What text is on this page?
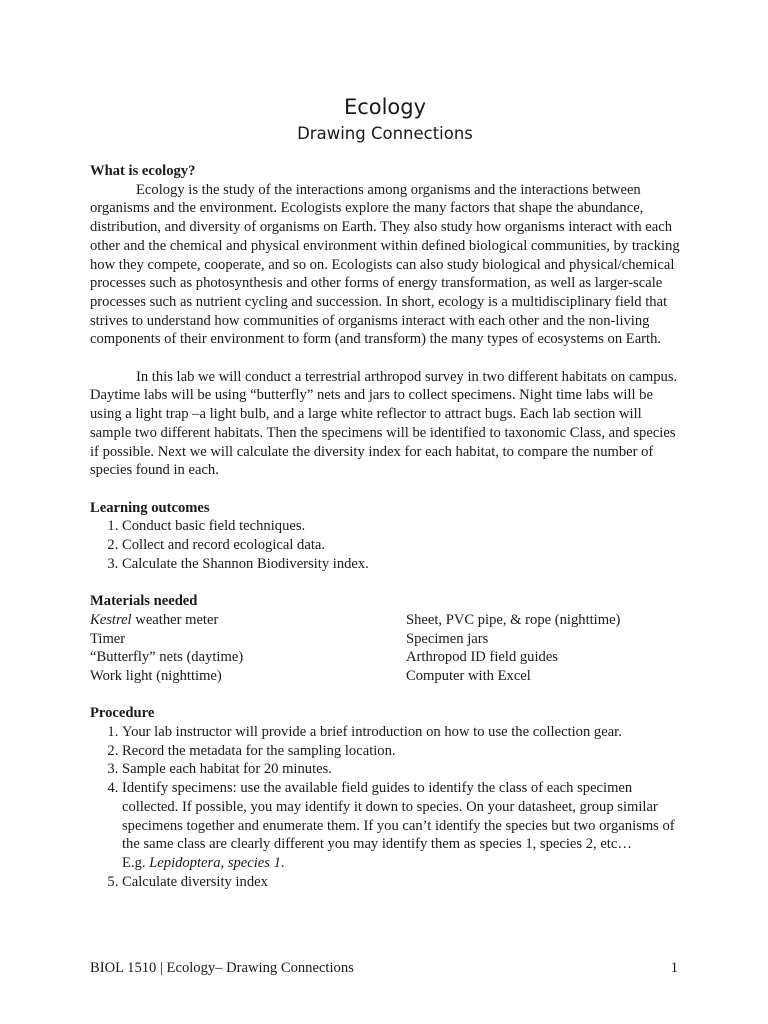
Ecology
Drawing Connections

What is ecology?

Ecology is the study of the interactions among organisms and the interactions between organisms and the environment. Ecologists explore the many factors that shape the abundance, distribution, and diversity of organisms on Earth. They also study how organisms interact with each other and the chemical and physical environment within defined biological communities, by tracking how they compete, cooperate, and so on. Ecologists can also study biological and physical/chemical processes such as photosynthesis and other forms of energy transformation, as well as larger-scale processes such as nutrient cycling and succession. In short, ecology is a multidisciplinary field that strives to understand how communities of organisms interact with each other and the non-living components of their environment to form (and transform) the many types of ecosystems on Earth.

In this lab we will conduct a terrestrial arthropod survey in two different habitats on campus. Daytime labs will be using “butterfly” nets and jars to collect specimens. Night time labs will be using a light trap –a light bulb, and a large white reflector to attract bugs. Each lab section will sample two different habitats. Then the specimens will be identified to taxonomic Class, and species if possible. Next we will calculate the diversity index for each habitat, to compare the number of species found in each.

Learning outcomes

1. Conduct basic field techniques.
2. Collect and record ecological data.
3. Calculate the Shannon Biodiversity index.

Materials needed

Kestrel weather meter
Timer
“Butterfly” nets (daytime)
Work light (nighttime)
Sheet, PVC pipe, & rope (nighttime)
Specimen jars
Arthropod ID field guides
Computer with Excel

Procedure

1. Your lab instructor will provide a brief introduction on how to use the collection gear.
2. Record the metadata for the sampling location.
3. Sample each habitat for 20 minutes.
4. Identify specimens: use the available field guides to identify the class of each specimen collected. If possible, you may identify it down to species. On your datasheet, group similar specimens together and enumerate them. If you can’t identify the species but two organisms of the same class are clearly different you may identify them as species 1, species 2, etc…
E.g. Lepidoptera, species 1.
5. Calculate diversity index
BIOL 1510 | Ecology– Drawing Connections	1
